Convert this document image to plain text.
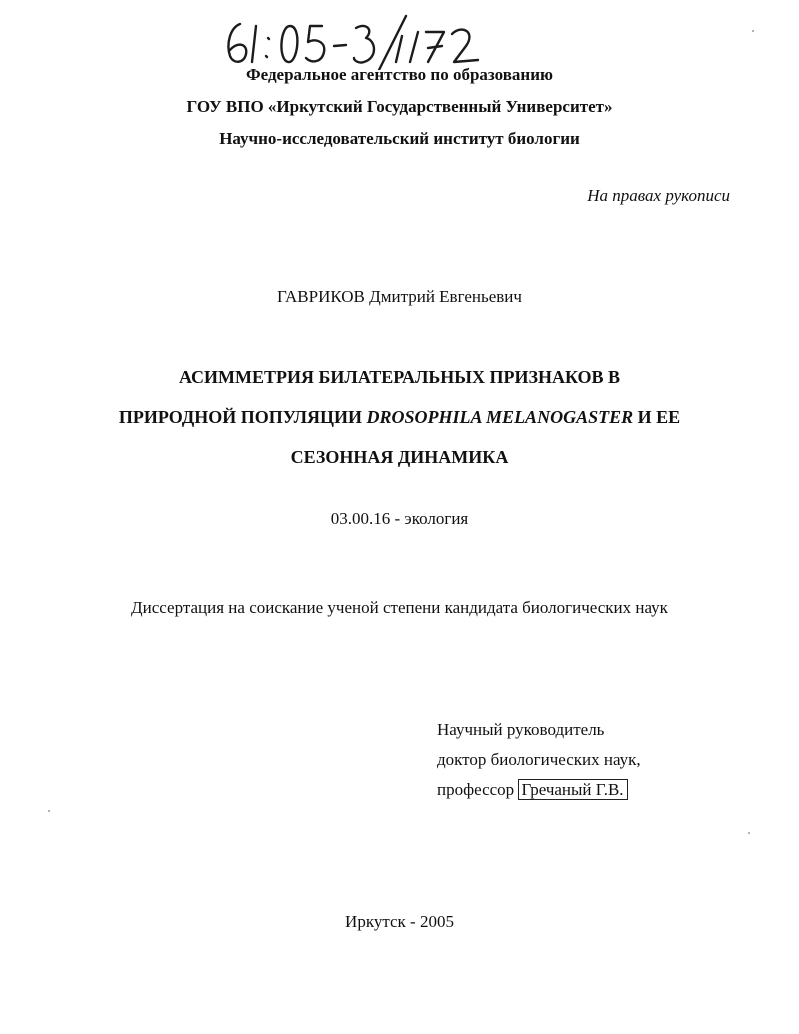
Федеральное агентство по образованию
ГОУ ВПО «Иркутский Государственный Университет»
Научно-исследовательский институт биологии
На правах рукописи
ГАВРИКОВ Дмитрий Евгеньевич
АСИММЕТРИЯ БИЛАТЕРАЛЬНЫХ ПРИЗНАКОВ В
ПРИРОДНОЙ ПОПУЛЯЦИИ DROSOPHILA MELANOGASTER И ЕЕ
СЕЗОННАЯ ДИНАМИКА
03.00.16 - экология
Диссертация на соискание ученой степени кандидата биологических наук
Научный руководитель
доктор биологических наук,
профессор Гречаный Г.В.
Иркутск - 2005
